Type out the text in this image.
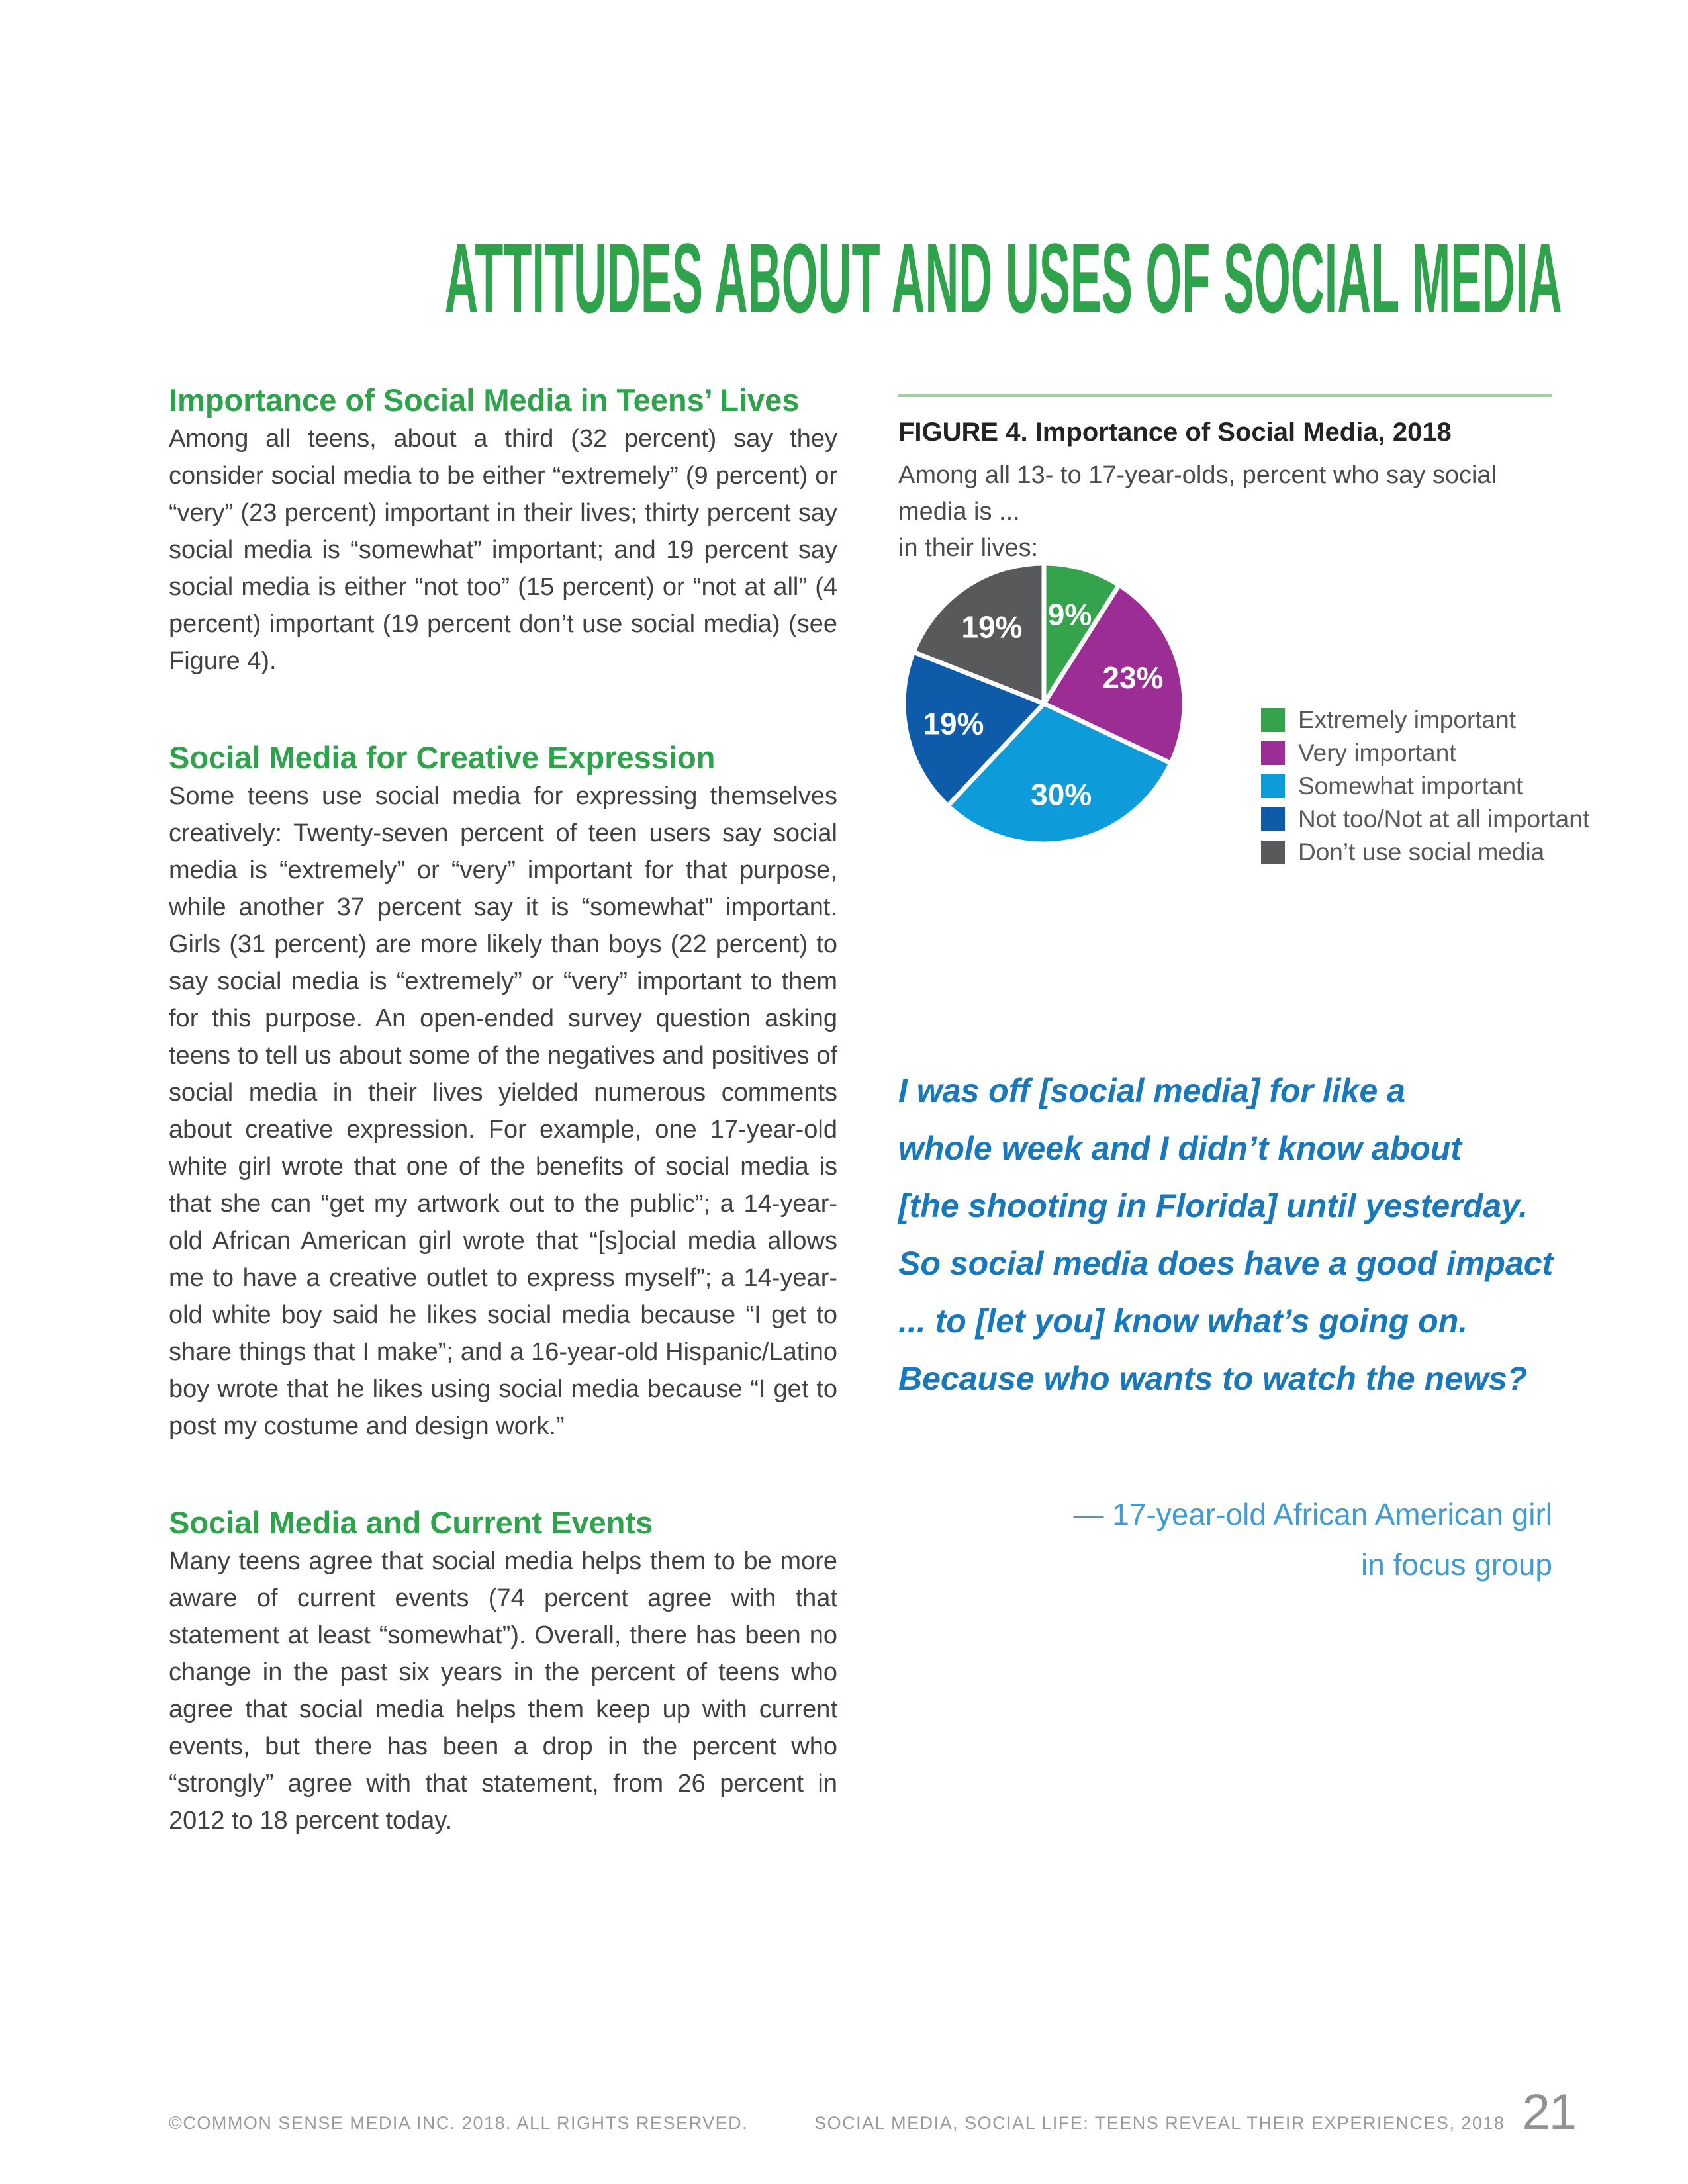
ATTITUDES ABOUT AND USES OF SOCIAL MEDIA
Importance of Social Media in Teens’ Lives

Among all teens, about a third (32 percent) say they consider social media to be either “extremely” (9 percent) or “very” (23 percent) important in their lives; thirty percent say social media is “somewhat” important; and 19 percent say social media is either “not too” (15 percent) or “not at all” (4 percent) important (19 percent don’t use social media) (see Figure 4).

Social Media for Creative Expression

Some teens use social media for expressing themselves creatively: Twenty-seven percent of teen users say social media is “extremely” or “very” important for that purpose, while another 37 percent say it is “somewhat” important. Girls (31 percent) are more likely than boys (22 percent) to say social media is “extremely” or “very” important to them for this purpose. An open-ended survey question asking teens to tell us about some of the negatives and positives of social media in their lives yielded numerous comments about creative expression. For example, one 17-year-old white girl wrote that one of the benefits of social media is that she can “get my artwork out to the public”; a 14-year-old African American girl wrote that “[s]ocial media allows me to have a creative outlet to express myself”; a 14-year-old white boy said he likes social media because “I get to share things that I make”; and a 16-year-old Hispanic/Latino boy wrote that he likes using social media because “I get to post my costume and design work.”

Social Media and Current Events

Many teens agree that social media helps them to be more aware of current events (74 percent agree with that statement at least “somewhat”). Overall, there has been no change in the past six years in the percent of teens who agree that social media helps them keep up with current events, but there has been a drop in the percent who “strongly” agree with that statement, from 26 percent in 2012 to 18 percent today.

FIGURE 4. Importance of Social Media, 2018
Among all 13- to 17-year-olds, percent who say social media is ...
in their lives:
9%
23%
30%
19%
19%
Extremely important
Very important
Somewhat important
Not too/Not at all important
Don’t use social media
I was off [social media] for like a
whole week and I didn’t know about
[the shooting in Florida] until yesterday.
So social media does have a good impact
... to [let you] know what’s going on.
Because who wants to watch the news?
— 17-year-old African American girl
in focus group
©COMMON SENSE MEDIA INC. 2018. ALL RIGHTS RESERVED.	SOCIAL MEDIA, SOCIAL LIFE: TEENS REVEAL THEIR EXPERIENCES, 2018 21
